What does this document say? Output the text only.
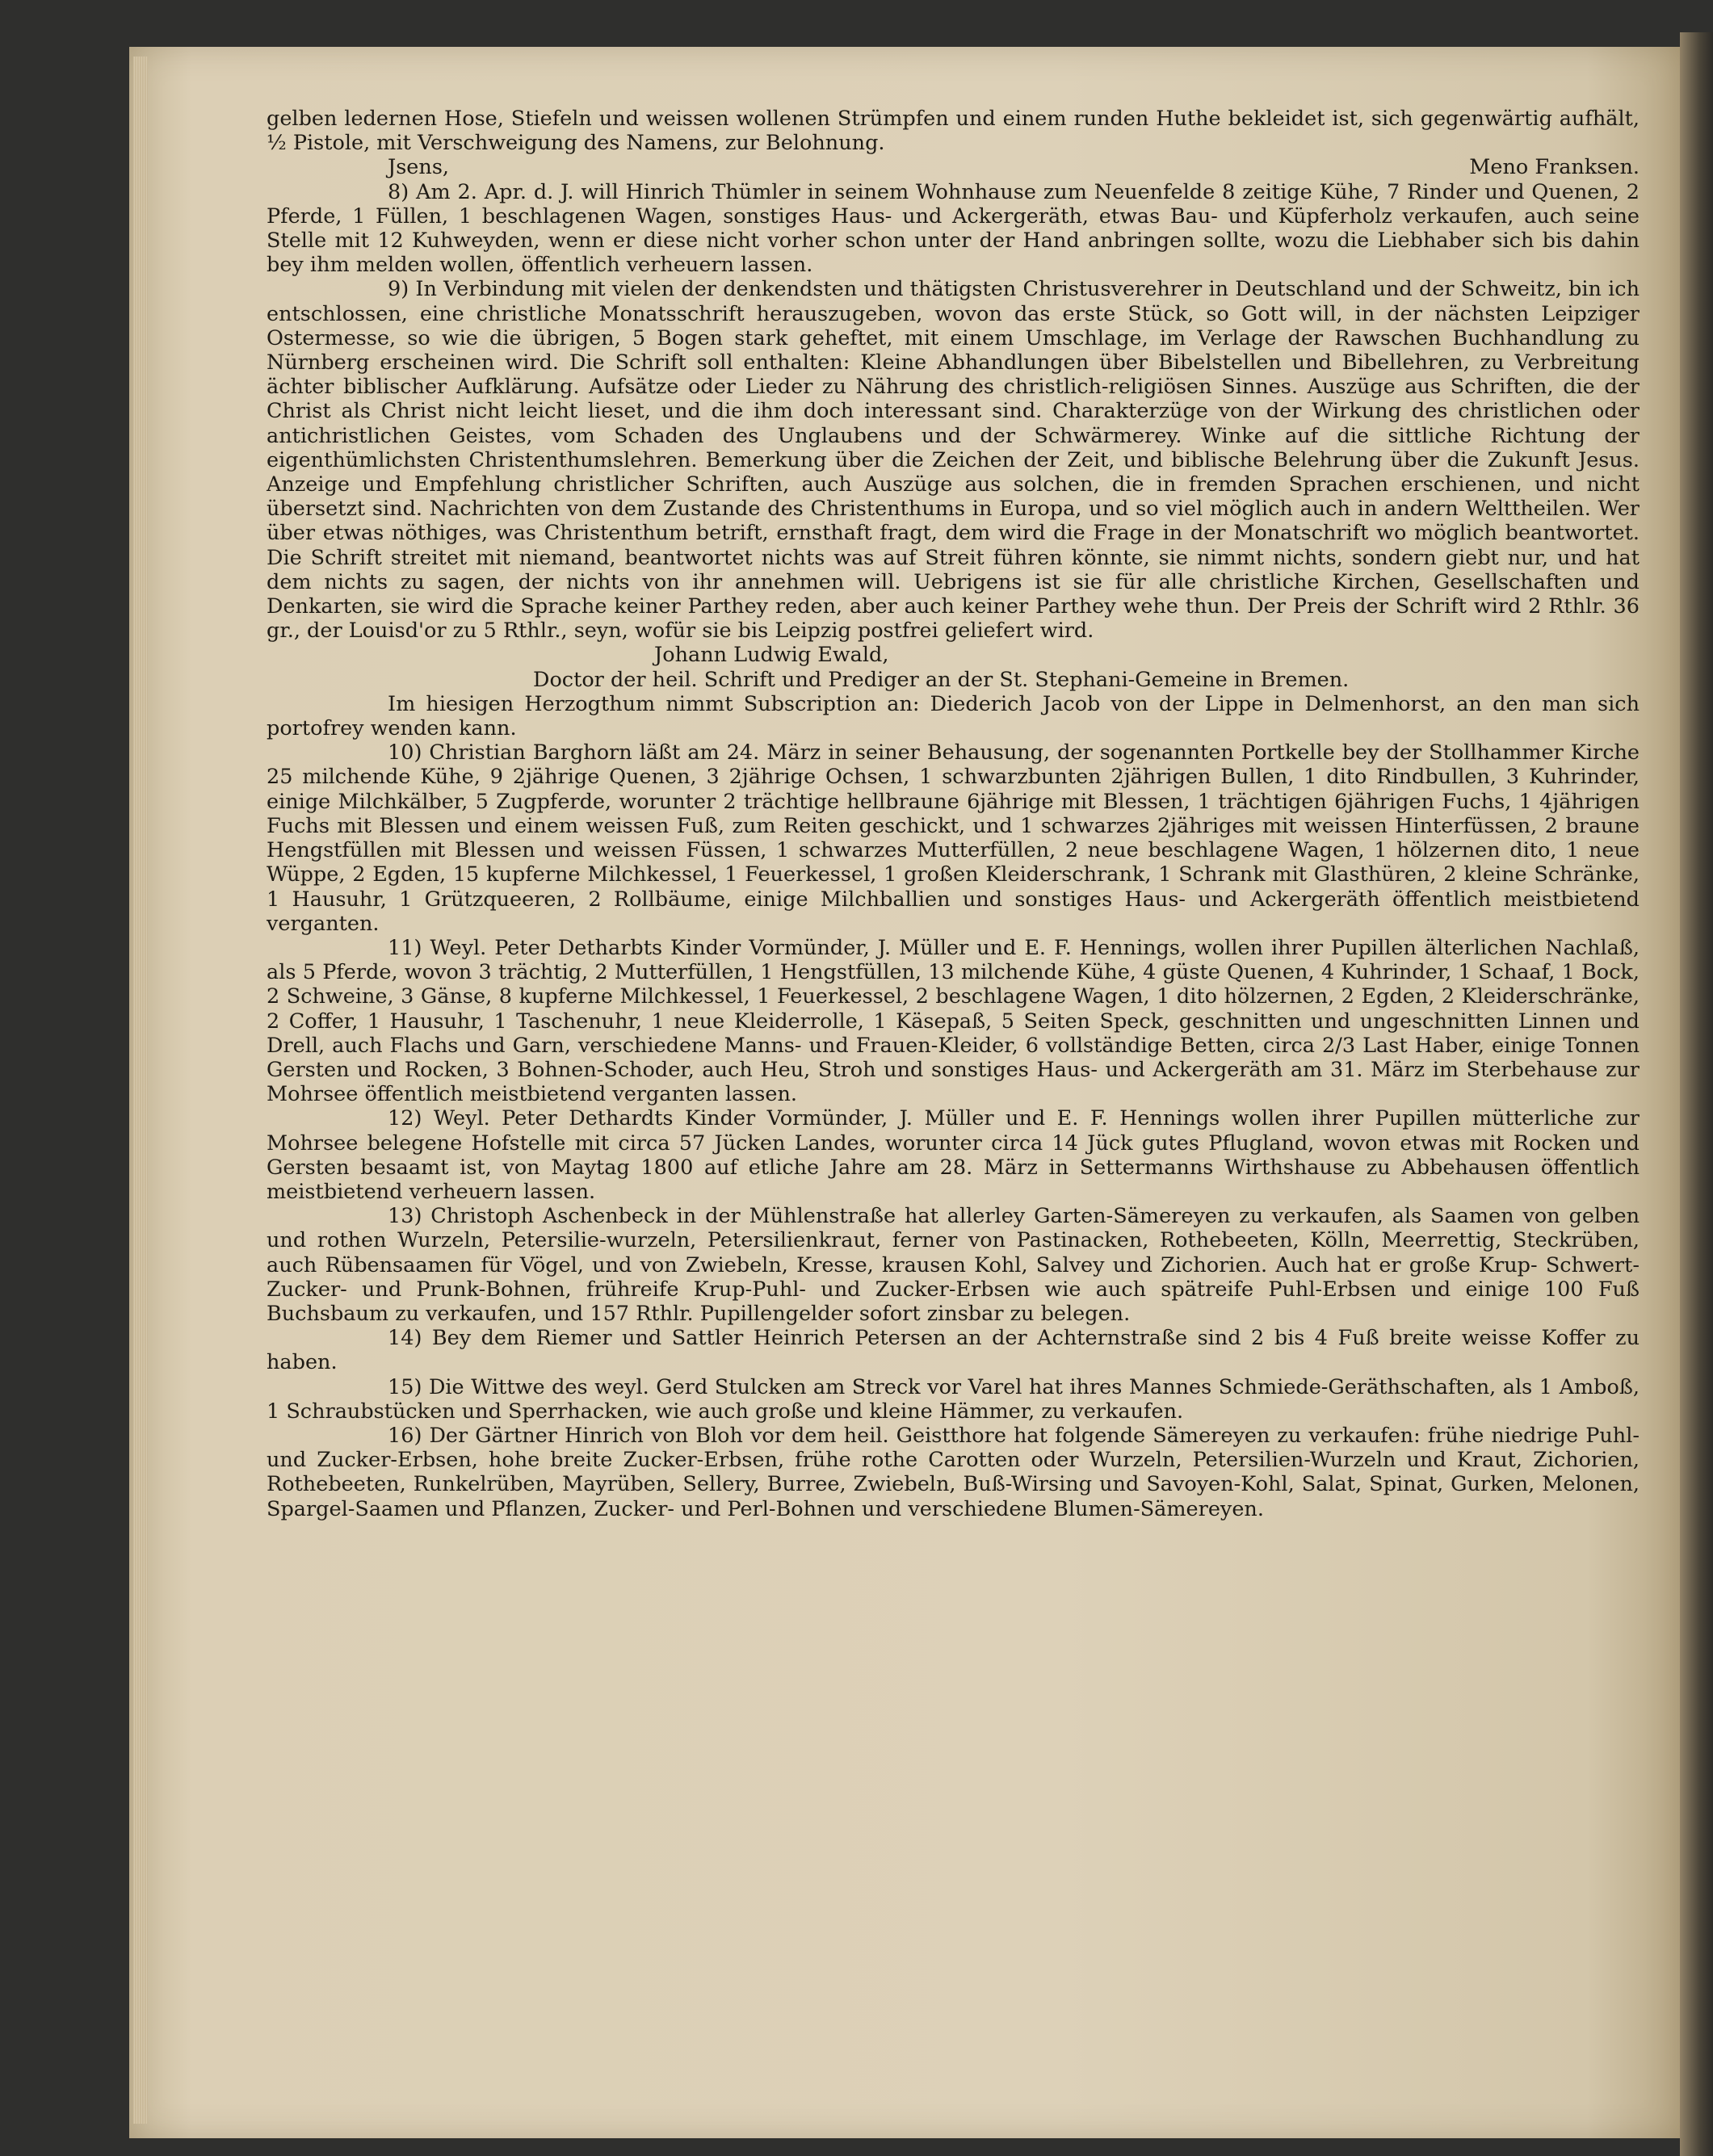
gelben ledernen Hose, Stiefeln und weissen wollenen Strümpfen und einem runden Huthe bekleidet ist, sich gegenwärtig aufhält, ½ Pistole, mit Verschweigung des Namens, zur Belohnung.

Jsens,	Meno Franksen.

8) Am 2. Apr. d. J. will Hinrich Thümler in seinem Wohnhause zum Neuenfelde 8 zeitige Kühe, 7 Rinder und Quenen, 2 Pferde, 1 Füllen, 1 beschlagenen Wagen, sonstiges Haus- und Ackergeräth, etwas Bau- und Küpferholz verkaufen, auch seine Stelle mit 12 Kuhweyden, wenn er diese nicht vorher schon unter der Hand anbringen sollte, wozu die Liebhaber sich bis dahin bey ihm melden wollen, öffentlich verheuern lassen.

9) In Verbindung mit vielen der denkendsten und thätigsten Christusverehrer in Deutschland und der Schweitz, bin ich entschlossen, eine christliche Monatsschrift herauszugeben, wovon das erste Stück, so Gott will, in der nächsten Leipziger Ostermesse, so wie die übrigen, 5 Bogen stark geheftet, mit einem Umschlage, im Verlage der Rawschen Buchhandlung zu Nürnberg erscheinen wird. Die Schrift soll enthalten: Kleine Abhandlungen über Bibelstellen und Bibellehren, zu Verbreitung ächter biblischer Aufklärung. Aufsätze oder Lieder zu Nährung des christlich-religiösen Sinnes. Auszüge aus Schriften, die der Christ als Christ nicht leicht lieset, und die ihm doch interessant sind. Charakterzüge von der Wirkung des christlichen oder antichristlichen Geistes, vom Schaden des Unglaubens und der Schwärmerey. Winke auf die sittliche Richtung der eigenthümlichsten Christenthumslehren. Bemerkung über die Zeichen der Zeit, und biblische Belehrung über die Zukunft Jesus. Anzeige und Empfehlung christlicher Schriften, auch Auszüge aus solchen, die in fremden Sprachen erschienen, und nicht übersetzt sind. Nachrichten von dem Zustande des Christenthums in Europa, und so viel möglich auch in andern Welttheilen. Wer über etwas nöthiges, was Christenthum betrift, ernsthaft fragt, dem wird die Frage in der Monatschrift wo möglich beantwortet. Die Schrift streitet mit niemand, beantwortet nichts was auf Streit führen könnte, sie nimmt nichts, sondern giebt nur, und hat dem nichts zu sagen, der nichts von ihr annehmen will. Uebrigens ist sie für alle christliche Kirchen, Gesellschaften und Denkarten, sie wird die Sprache keiner Parthey reden, aber auch keiner Parthey wehe thun. Der Preis der Schrift wird 2 Rthlr. 36 gr., der Louisd'or zu 5 Rthlr., seyn, wofür sie bis Leipzig postfrei geliefert wird.

Johann Ludwig Ewald,

Doctor der heil. Schrift und Prediger an der St. Stephani-Gemeine in Bremen.

Im hiesigen Herzogthum nimmt Subscription an: Diederich Jacob von der Lippe in Delmenhorst, an den man sich portofrey wenden kann.

10) Christian Barghorn läßt am 24. März in seiner Behausung, der sogenannten Portkelle bey der Stollhammer Kirche 25 milchende Kühe, 9 2jährige Quenen, 3 2jährige Ochsen, 1 schwarzbunten 2jährigen Bullen, 1 dito Rindbullen, 3 Kuhrinder, einige Milchkälber, 5 Zugpferde, worunter 2 trächtige hellbraune 6jährige mit Blessen, 1 trächtigen 6jährigen Fuchs, 1 4jährigen Fuchs mit Blessen und einem weissen Fuß, zum Reiten geschickt, und 1 schwarzes 2jähriges mit weissen Hinterfüssen, 2 braune Hengstfüllen mit Blessen und weissen Füssen, 1 schwarzes Mutterfüllen, 2 neue beschlagene Wagen, 1 hölzernen dito, 1 neue Wüppe, 2 Egden, 15 kupferne Milchkessel, 1 Feuerkessel, 1 großen Kleiderschrank, 1 Schrank mit Glasthüren, 2 kleine Schränke, 1 Hausuhr, 1 Grützqueeren, 2 Rollbäume, einige Milchballien und sonstiges Haus- und Ackergeräth öffentlich meistbietend verganten.

11) Weyl. Peter Detharbts Kinder Vormünder, J. Müller und E. F. Hennings, wollen ihrer Pupillen älterlichen Nachlaß, als 5 Pferde, wovon 3 trächtig, 2 Mutterfüllen, 1 Hengstfüllen, 13 milchende Kühe, 4 güste Quenen, 4 Kuhrinder, 1 Schaaf, 1 Bock, 2 Schweine, 3 Gänse, 8 kupferne Milchkessel, 1 Feuerkessel, 2 beschlagene Wagen, 1 dito hölzernen, 2 Egden, 2 Kleiderschränke, 2 Coffer, 1 Hausuhr, 1 Taschenuhr, 1 neue Kleiderrolle, 1 Käsepaß, 5 Seiten Speck, geschnitten und ungeschnitten Linnen und Drell, auch Flachs und Garn, verschiedene Manns- und Frauen-Kleider, 6 vollständige Betten, circa 2/3 Last Haber, einige Tonnen Gersten und Rocken, 3 Bohnen-Schoder, auch Heu, Stroh und sonstiges Haus- und Ackergeräth am 31. März im Sterbehause zur Mohrsee öffentlich meistbietend verganten lassen.

12) Weyl. Peter Dethardts Kinder Vormünder, J. Müller und E. F. Hennings wollen ihrer Pupillen mütterliche zur Mohrsee belegene Hofstelle mit circa 57 Jücken Landes, worunter circa 14 Jück gutes Pflugland, wovon etwas mit Rocken und Gersten besaamt ist, von Maytag 1800 auf etliche Jahre am 28. März in Settermanns Wirthshause zu Abbehausen öffentlich meistbietend verheuern lassen.

13) Christoph Aschenbeck in der Mühlenstraße hat allerley Garten-Sämereyen zu verkaufen, als Saamen von gelben und rothen Wurzeln, Petersilie-wurzeln, Petersilienkraut, ferner von Pastinacken, Rothebeeten, Kölln, Meerrettig, Steckrüben, auch Rübensaamen für Vögel, und von Zwiebeln, Kresse, krausen Kohl, Salvey und Zichorien. Auch hat er große Krup- Schwert- Zucker- und Prunk-Bohnen, frühreife Krup-Puhl- und Zucker-Erbsen wie auch spätreife Puhl-Erbsen und einige 100 Fuß Buchsbaum zu verkaufen, und 157 Rthlr. Pupillengelder sofort zinsbar zu belegen.

14) Bey dem Riemer und Sattler Heinrich Petersen an der Achternstraße sind 2 bis 4 Fuß breite weisse Koffer zu haben.

15) Die Wittwe des weyl. Gerd Stulcken am Streck vor Varel hat ihres Mannes Schmiede-Geräthschaften, als 1 Amboß, 1 Schraubstücken und Sperrhacken, wie auch große und kleine Hämmer, zu verkaufen.

16) Der Gärtner Hinrich von Bloh vor dem heil. Geistthore hat folgende Sämereyen zu verkaufen: frühe niedrige Puhl- und Zucker-Erbsen, hohe breite Zucker-Erbsen, frühe rothe Carotten oder Wurzeln, Petersilien-Wurzeln und Kraut, Zichorien, Rothebeeten, Runkelrüben, Mayrüben, Sellery, Burree, Zwiebeln, Buß-Wirsing und Savoyen-Kohl, Salat, Spinat, Gurken, Melonen, Spargel-Saamen und Pflanzen, Zucker- und Perl-Bohnen und verschiedene Blumen-Sämereyen.
